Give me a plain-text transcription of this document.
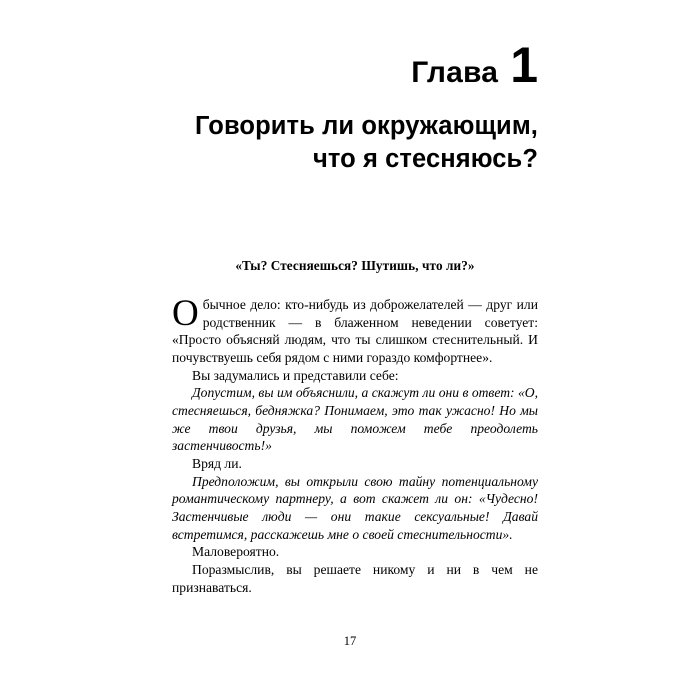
Глава 1
Говорить ли окружающим,
что я стесняюсь?

«Ты? Стесняешься? Шутишь, что ли?»

Обычное дело: кто-нибудь из доброжелателей — друг или родственник — в блаженном неведении советует: «Просто объясняй людям, что ты слишком стеснительный. И почувствуешь себя рядом с ними гораздо комфортнее».

Вы задумались и представили себе:

Допустим, вы им объяснили, а скажут ли они в ответ: «О, стесняешься, бедняжка? Понимаем, это так ужасно! Но мы же твои друзья, мы поможем тебе преодолеть застенчивость!»

Вряд ли.

Предположим, вы открыли свою тайну потенциальному романтическому партнеру, а вот скажет ли он: «Чудесно! Застенчивые люди — они такие сексуальные! Давай встретимся, расскажешь мне о своей стеснительности».

Маловероятно.

Поразмыслив, вы решаете никому и ни в чем не признаваться.

17
